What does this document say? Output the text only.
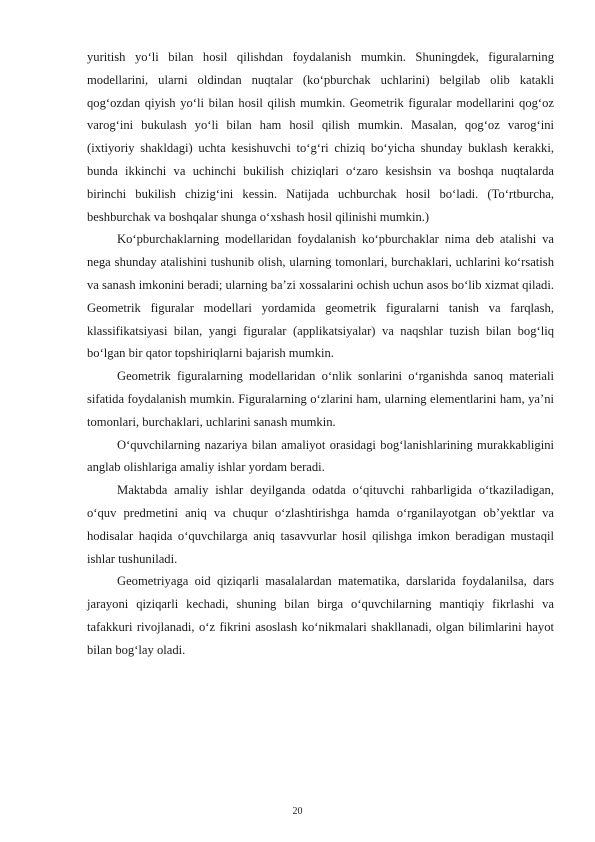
yuritish yoʻli bilan hosil qilishdan foydalanish mumkin. Shuningdek, figuralarning modellarini, ularni oldindan nuqtalar (koʻpburchak uchlarini) belgilab olib katakli qogʻozdan qiyish yoʻli bilan hosil qilish mumkin. Geometrik figuralar modellarini qogʻoz varogʻini bukulash yoʻli bilan ham hosil qilish mumkin. Masalan, qogʻoz varogʻini (ixtiyoriy shakldagi) uchta kesishuvchi toʻgʻri chiziq boʻyicha shunday buklash kerakki, bunda ikkinchi va uchinchi bukilish chiziqlari oʻzaro kesishsin va boshqa nuqtalarda birinchi bukilish chizigʻini kessin. Natijada uchburchak hosil boʻladi. (Toʻrtburcha, beshburchak va boshqalar shunga oʻxshash hosil qilinishi mumkin.)

Koʻpburchaklarning modellaridan foydalanish koʻpburchaklar nima deb atalishi va nega shunday atalishini tushunib olish, ularning tomonlari, burchaklari, uchlarini koʻrsatish va sanash imkonini beradi; ularning baʼzi xossalarini ochish uchun asos boʻlib xizmat qiladi. Geometrik figuralar modellari yordamida geometrik figuralarni tanish va farqlash, klassifikatsiyasi bilan, yangi figuralar (applikatsiyalar) va naqshlar tuzish bilan bogʻliq boʻlgan bir qator topshiriqlarni bajarish mumkin.

Geometrik figuralarning modellaridan oʻnlik sonlarini oʻrganishda sanoq materiali sifatida foydalanish mumkin. Figuralarning oʻzlarini ham, ularning elementlarini ham, yaʼni tomonlari, burchaklari, uchlarini sanash mumkin.

Oʻquvchilarning nazariya bilan amaliyot orasidagi bogʻlanishlarining murakkabligini anglab olishlariga amaliy ishlar yordam beradi.

Maktabda amaliy ishlar deyilganda odatda oʻqituvchi rahbarligida oʻtkaziladigan, oʻquv predmetini aniq va chuqur oʻzlashtirishga hamda oʻrganilayotgan obʼyektlar va hodisalar haqida oʻquvchilarga aniq tasavvurlar hosil qilishga imkon beradigan mustaqil ishlar tushuniladi.

Geometriyaga oid qiziqarli masalalardan matematika, darslarida foydalanilsa, dars jarayoni qiziqarli kechadi, shuning bilan birga oʻquvchilarning mantiqiy fikrlashi va tafakkuri rivojlanadi, oʻz fikrini asoslash koʻnikmalari shakllanadi, olgan bilimlarini hayot bilan bogʻlay oladi.

20
